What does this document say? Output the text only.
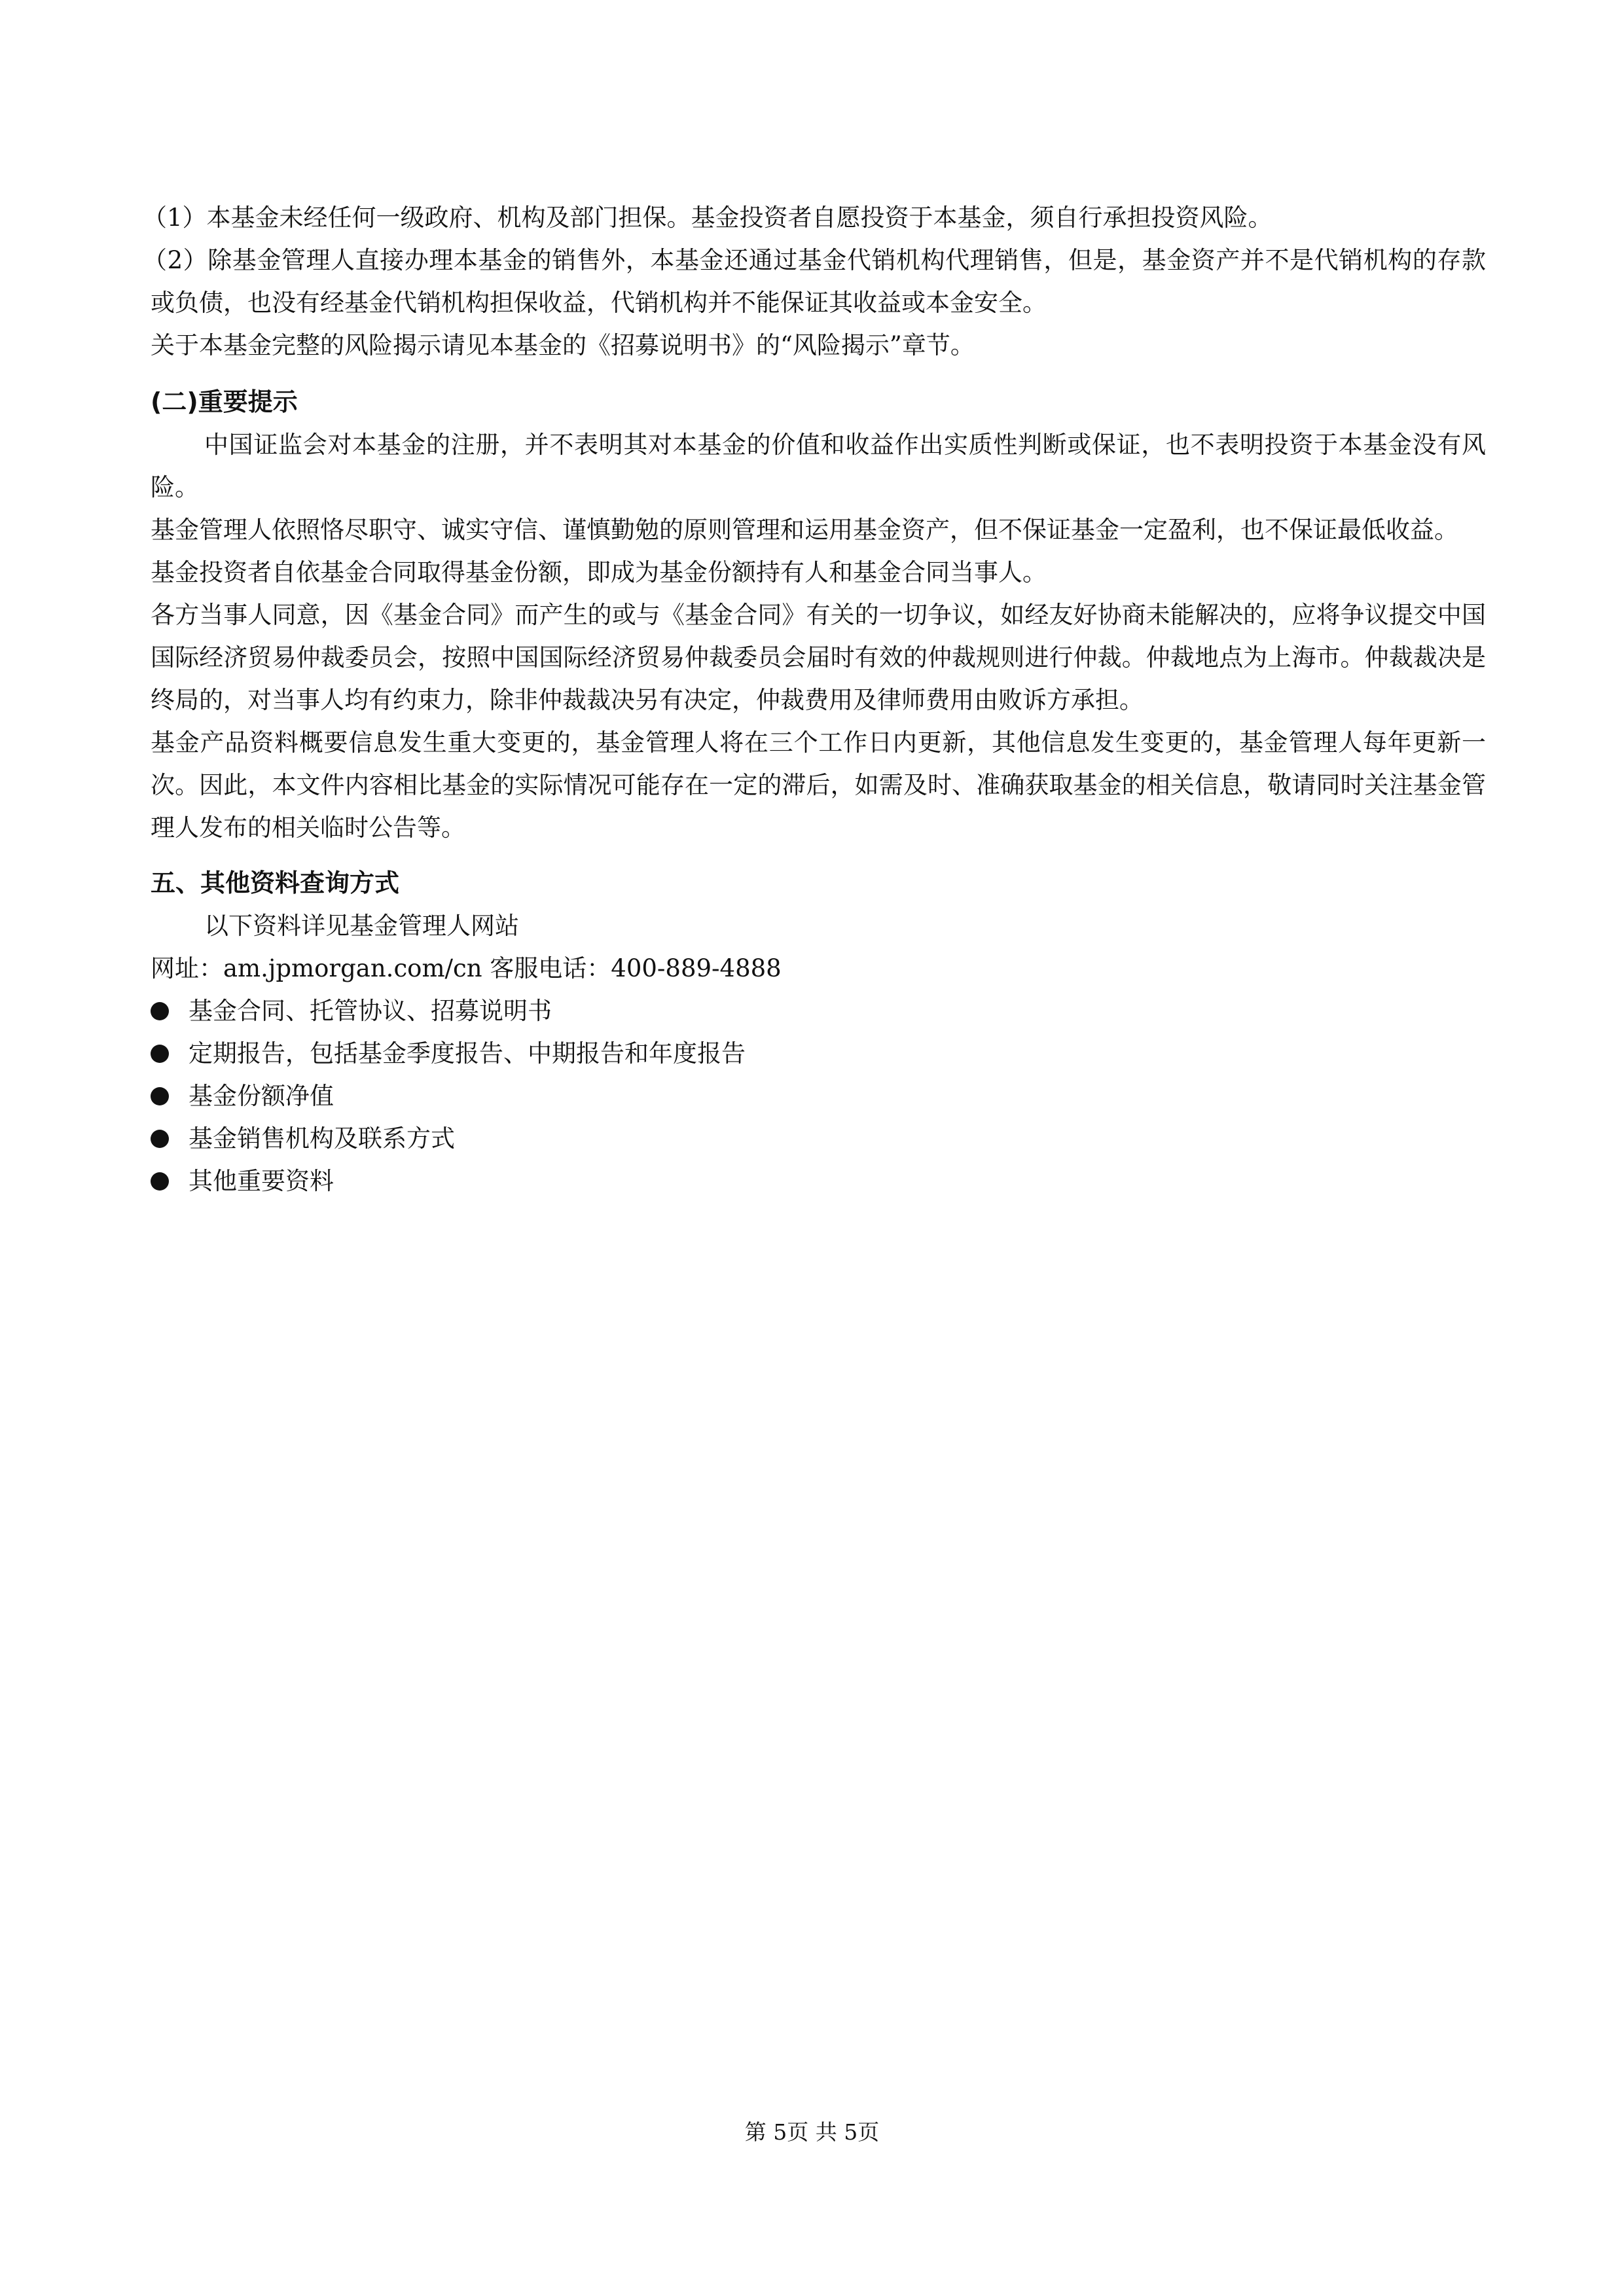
（1）本基金未经任何一级政府、机构及部门担保。基金投资者自愿投资于本基金，须自行承担投资风险。

（2）除基金管理人直接办理本基金的销售外，本基金还通过基金代销机构代理销售，但是，基金资产并不是代销机构的存款或负债，也没有经基金代销机构担保收益，代销机构并不能保证其收益或本金安全。

关于本基金完整的风险揭示请见本基金的《招募说明书》的“风险揭示”章节。

(二)重要提示

中国证监会对本基金的注册，并不表明其对本基金的价值和收益作出实质性判断或保证，也不表明投资于本基金没有风险。

基金管理人依照恪尽职守、诚实守信、谨慎勤勉的原则管理和运用基金资产，但不保证基金一定盈利，也不保证最低收益。

基金投资者自依基金合同取得基金份额，即成为基金份额持有人和基金合同当事人。

各方当事人同意，因《基金合同》而产生的或与《基金合同》有关的一切争议，如经友好协商未能解决的，应将争议提交中国国际经济贸易仲裁委员会，按照中国国际经济贸易仲裁委员会届时有效的仲裁规则进行仲裁。仲裁地点为上海市。仲裁裁决是终局的，对当事人均有约束力，除非仲裁裁决另有决定，仲裁费用及律师费用由败诉方承担。

基金产品资料概要信息发生重大变更的，基金管理人将在三个工作日内更新，其他信息发生变更的，基金管理人每年更新一次。因此，本文件内容相比基金的实际情况可能存在一定的滞后，如需及时、准确获取基金的相关信息，敬请同时关注基金管理人发布的相关临时公告等。

五、其他资料查询方式

以下资料详见基金管理人网站

网址：am.jpmorgan.com/cn 客服电话：400-889-4888

基金合同、托管协议、招募说明书
定期报告，包括基金季度报告、中期报告和年度报告
基金份额净值
基金销售机构及联系方式
其他重要资料
第 5页 共 5页
